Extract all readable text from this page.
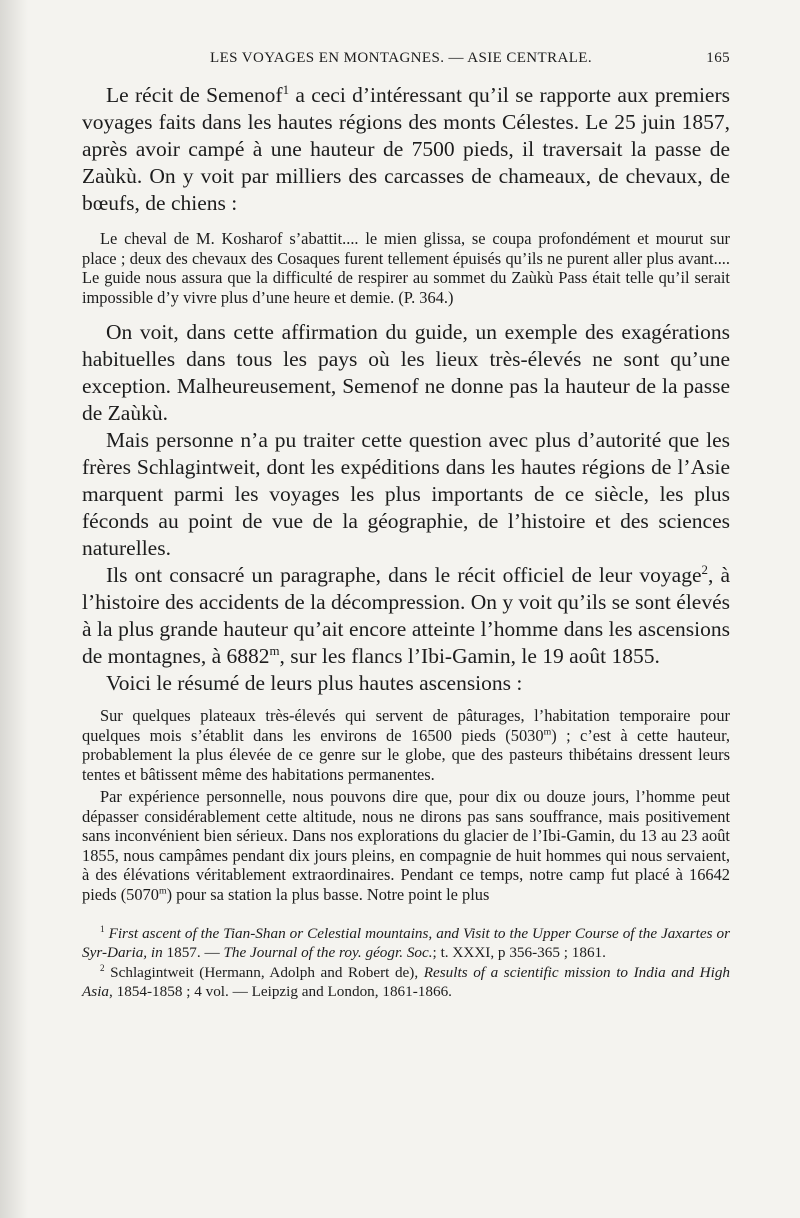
LES VOYAGES EN MONTAGNES. — ASIE CENTRALE.	165

Le récit de Semenof$^1$ a ceci d’intéressant qu’il se rapporte aux premiers voyages faits dans les hautes régions des monts Célestes. Le 25 juin 1857, après avoir campé à une hauteur de 7500 pieds, il traversait la passe de Zaùkù. On y voit par milliers des carcasses de chameaux, de chevaux, de bœufs, de chiens :

Le cheval de M. Kosharof s’abattit.... le mien glissa, se coupa profondément et mourut sur place ; deux des chevaux des Cosaques furent tellement épuisés qu’ils ne purent aller plus avant.... Le guide nous assura que la difficulté de respirer au sommet du Zaùkù Pass était telle qu’il serait impossible d’y vivre plus d’une heure et demie. (P. 364.)

On voit, dans cette affirmation du guide, un exemple des exagérations habituelles dans tous les pays où les lieux très-élevés ne sont qu’une exception. Malheureusement, Semenof ne donne pas la hauteur de la passe de Zaùkù.

Mais personne n’a pu traiter cette question avec plus d’autorité que les frères Schlagintweit, dont les expéditions dans les hautes régions de l’Asie marquent parmi les voyages les plus importants de ce siècle, les plus féconds au point de vue de la géographie, de l’histoire et des sciences naturelles.

Ils ont consacré un paragraphe, dans le récit officiel de leur voyage$^2$, à l’histoire des accidents de la décompression. On y voit qu’ils se sont élevés à la plus grande hauteur qu’ait encore atteinte l’homme dans les ascensions de montagnes, à 6882$^m$, sur les flancs l’Ibi-Gamin, le 19 août 1855.

Voici le résumé de leurs plus hautes ascensions :

Sur quelques plateaux très-élevés qui servent de pâturages, l’habitation temporaire pour quelques mois s’établit dans les environs de 16500 pieds (5030$^m$) ; c’est à cette hauteur, probablement la plus élevée de ce genre sur le globe, que des pasteurs thibétains dressent leurs tentes et bâtissent même des habitations permanentes.

Par expérience personnelle, nous pouvons dire que, pour dix ou douze jours, l’homme peut dépasser considérablement cette altitude, nous ne dirons pas sans souffrance, mais positivement sans inconvénient bien sérieux. Dans nos explorations du glacier de l’Ibi-Gamin, du 13 au 23 août 1855, nous campâmes pendant dix jours pleins, en compagnie de huit hommes qui nous servaient, à des élévations véritablement extraordinaires. Pendant ce temps, notre camp fut placé à 16642 pieds (5070$^m$) pour sa station la plus basse. Notre point le plus

$^1$ First ascent of the Tian-Shan or Celestial mountains, and Visit to the Upper Course of the Jaxartes or Syr-Daria, in 1857. — The Journal of the roy. géogr. Soc.; t. XXXI, p 356-365 ; 1861.

$^2$ Schlagintweit (Hermann, Adolph and Robert de), Results of a scientific mission to India and High Asia, 1854-1858 ; 4 vol. — Leipzig and London, 1861-1866.
